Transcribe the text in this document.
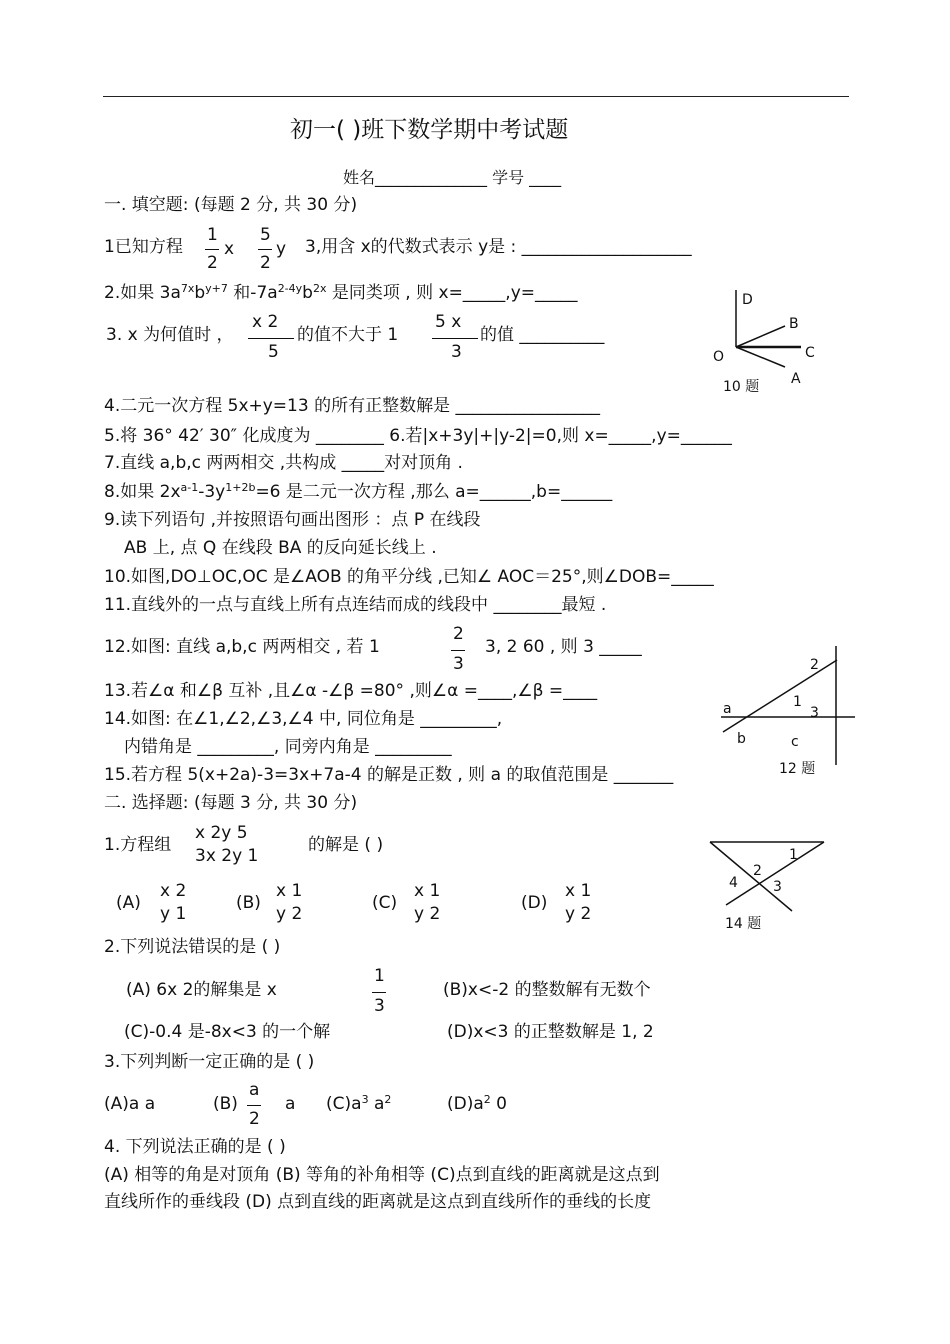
初一( )班下数学期中考试题
姓名______________ 学号 ____
一. 填空题: (每题 2 分, 共 30 分)
1已知方程
1
2
x
5
2
y 3,用含 x的代数式表示 y是 : ____________________
2.如果 $3a^{7x}b^{y+7}$ 和$-7a^{2-4y}b^{2x}$ 是同类项 , 则 x=_____,y=_____
3. x 为何值时 ，
x 2
5
的值不大于 1
5 x
3
的值 __________
4.二元一次方程 5x+y=13 的所有正整数解是 _________________
5.将 36° 42′ 30″ 化成度为 ________ 6.若|x+3y|+|y-2|=0,则 x=_____,y=______
7.直线 a,b,c 两两相交 ,共构成 _____对对顶角 .
8.如果 $2x^{a-1}-3y^{1+2b}=6$ 是二元一次方程 ,那么 a=______,b=______
9.读下列语句 ,并按照语句画出图形 ：点 P 在线段
AB 上, 点 Q 在线段 BA 的反向延长线上 .
10.如图,DO⊥OC,OC 是∠AOB 的角平分线 ,已知∠ AOC＝25°,则∠DOB=_____
11.直线外的一点与直线上所有点连结而成的线段中 ________最短 .
12.如图: 直线 a,b,c 两两相交 , 若 1
2
3
3, 2 60 , 则 3 _____
13.若∠α 和∠β 互补 ,且∠α -∠β =80° ,则∠α =____,∠β =____
14.如图: 在∠1,∠2,∠3,∠4 中, 同位角是 _________,
内错角是 _________, 同旁内角是 _________
15.若方程 5(x+2a)-3=3x+7a-4 的解是正数 , 则 a 的取值范围是 _______
二. 选择题: (每题 3 分, 共 30 分)
1.方程组
x 2y 5
3x 2y 1
的解是 ( )
(A)
x 2
y 1
(B)
x 1
y 2
(C)
x 1
y 2
(D)
x 1
y 2
2.下列说法错误的是 ( )
(A) 6x 2的解集是 x
1
3
(B)x<-2 的整数解有无数个
(C)-0.4 是-8x<3 的一个解	(D)x<3 的正整数解是 1, 2
3.下列判断一定正确的是 ( )
(A)a a	(B)
a
2
a $(C)a^3$ $a^2$	$(D)a^2$ 0
4. 下列说法正确的是 ( )
(A) 相等的角是对顶角 (B) 等角的补角相等 (C)点到直线的距离就是这点到
直线所作的垂线段 (D) 点到直线的距离就是这点到直线所作的垂线的长度
D
B
O	C
A
10 题
2
1
3
a
b	c
12 题
1
2
3
4
14 题
